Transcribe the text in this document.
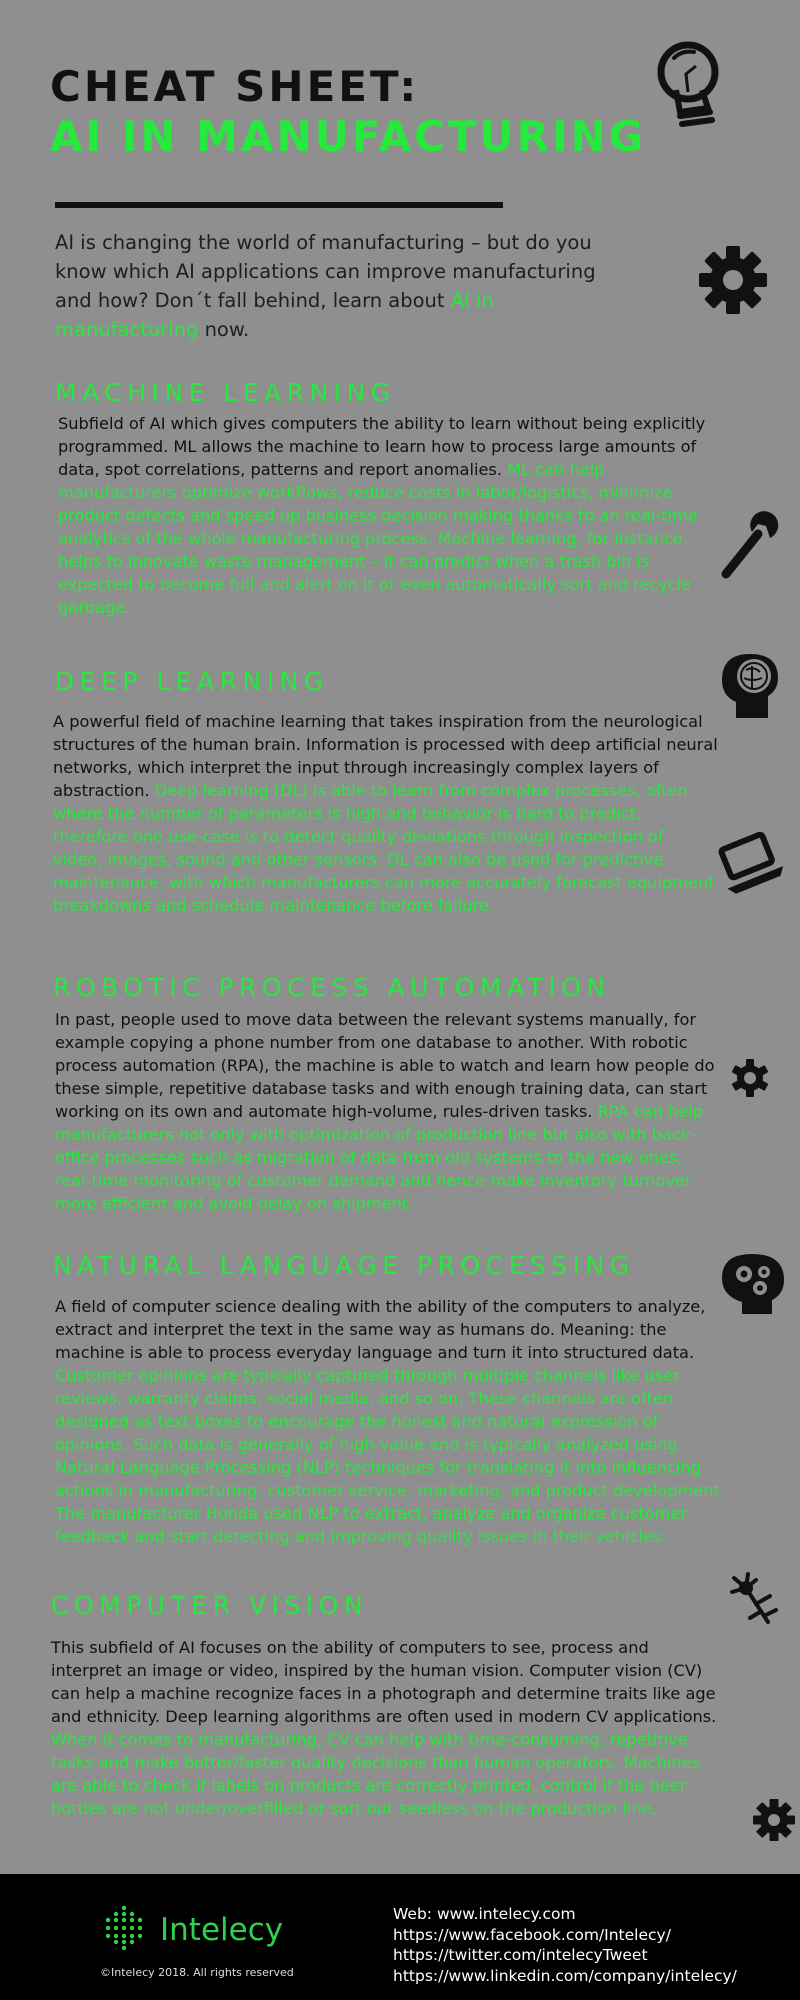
CHEAT SHEET:
AI IN MANUFACTURING
AI is changing the world of manufacturing – but do you know which AI applications can improve manufacturing and how? Don´t fall behind, learn about AI in manufacturing now.
MACHINE LEARNING

Subfield of AI which gives computers the ability to learn without being explicitly programmed. ML allows the machine to learn how to process large amounts of data, spot correlations, patterns and report anomalies. ML can help manufacturers optimize workflows, reduce costs in labor/logistics, minimize product defects and speed up business decision making thanks to an real-time analytics of the whole manufacturing process. Machine learning, for instance, helps to innovate waste management – it can predict when a trash bin is expected to become full and alert on it or even automatically sort and recycle garbage.

DEEP LEARNING

A powerful field of machine learning that takes inspiration from the neurological structures of the human brain. Information is processed with deep artificial neural networks, which interpret the input through increasingly complex layers of abstraction. Deep learning (DL) is able to learn from complex processes, often where the number of parameters is high and behavior is hard to predict, therefore one use-case is to detect quality deviations through inspection of video, images, sound and other sensors. DL can also be used for predictive maintenance, with which manufacturers can more accurately forecast equipment breakdowns and schedule maintenance before failure.

ROBOTIC PROCESS AUTOMATION

In past, people used to move data between the relevant systems manually, for example copying a phone number from one database to another. With robotic process automation (RPA), the machine is able to watch and learn how people do these simple, repetitive database tasks and with enough training data, can start working on its own and automate high-volume, rules-driven tasks. RPA can help manufacturers not only with optimization of production line but also with back-office processes such as migration of data from old systems to the new ones, real-time monitoring of customer demand and hence make inventory turnover more efficient and avoid delay on shipment.

NATURAL LANGUAGE PROCESSING

A field of computer science dealing with the ability of the computers to analyze, extract and interpret the text in the same way as humans do. Meaning: the machine is able to process everyday language and turn it into structured data. Customer opinions are typically captured through multiple channels like user reviews, warranty claims, social media, and so on. These channels are often designed as text boxes to encourage the honest and natural expression of opinions. Such data is generally of high value and is typically analyzed using Natural Language Processing (NLP) techniques for translating it into influencing actions in manufacturing, customer service, marketing, and product development. The manufacturer Honda used NLP to extract, analyze and organize customer feedback and start detecting and improving quality issues in their vehicles.

COMPUTER VISION

This subfield of AI focuses on the ability of computers to see, process and interpret an image or video, inspired by the human vision. Computer vision (CV) can help a machine recognize faces in a photograph and determine traits like age and ethnicity. Deep learning algorithms are often used in modern CV applications. When it comes to manufacturing, CV can help with time-consuming, repetitive tasks and make better/faster quality decisions than human operators. Machines are able to check if labels on products are correctly printed, control if the beer bottles are not under/overfilled or sort out seedless on the production line.

Intelecy
©Intelecy 2018. All rights reserved
Web: www.intelecy.com
https://www.facebook.com/Intelecy/
https://twitter.com/intelecyTweet
https://www.linkedin.com/company/intelecy/
